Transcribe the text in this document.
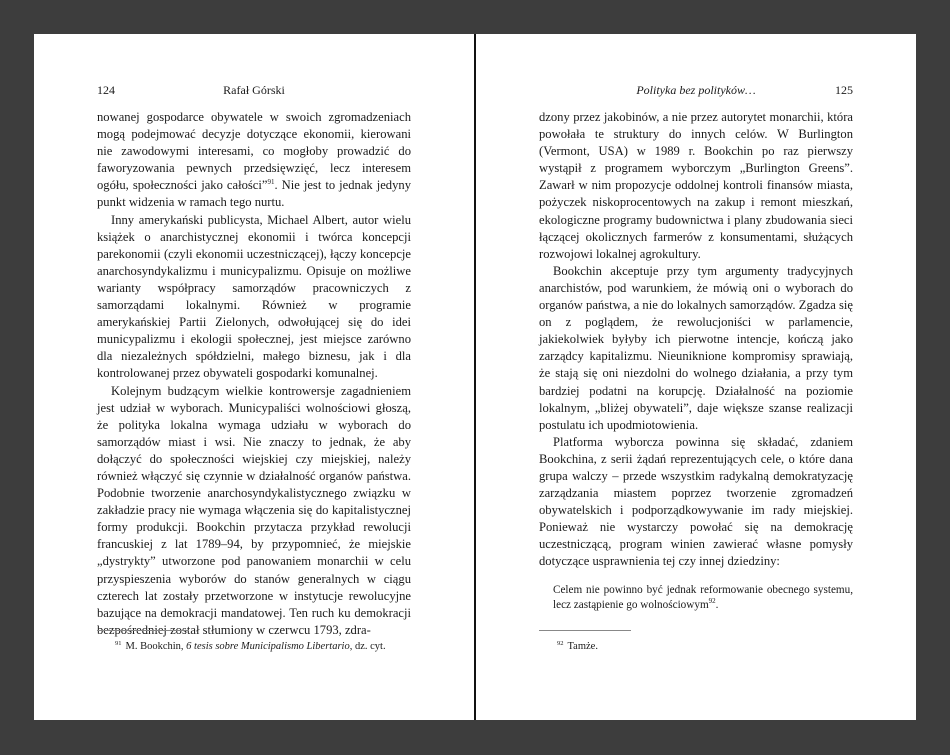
124	Rafał Górski

nowanej gospodarce obywatele w swoich zgromadzeniach mogą podejmować decyzje dotyczące ekonomii, kierowani nie zawodowymi interesami, co mogłoby prowadzić do faworyzowania pewnych przedsięwzięć, lecz interesem ogółu, społeczności jako całości”$^{91}$. Nie jest to jednak jedyny punkt widzenia w ramach tego nurtu.

Inny amerykański publicysta, Michael Albert, autor wielu książek o anarchistycznej ekonomii i twórca koncepcji parekonomii (czyli ekonomii uczestniczącej), łączy koncepcje anarchosyndykalizmu i municypalizmu. Opisuje on możliwe warianty współpracy samorządów pracowniczych z samorządami lokalnymi. Również w programie amerykańskiej Partii Zielonych, odwołującej się do idei municypalizmu i ekologii społecznej, jest miejsce zarówno dla niezależnych spółdzielni, małego biznesu, jak i dla kontrolowanej przez obywateli gospodarki komunalnej.

Kolejnym budzącym wielkie kontrowersje zagadnieniem jest udział w wyborach. Municypaliści wolnościowi głoszą, że polityka lokalna wymaga udziału w wyborach do samorządów miast i wsi. Nie znaczy to jednak, że aby dołączyć do społeczności wiejskiej czy miejskiej, należy również włączyć się czynnie w działalność organów państwa. Podobnie tworzenie anarchosyndykalistycznego związku w zakładzie pracy nie wymaga włączenia się do kapitalistycznej formy produkcji. Bookchin przytacza przykład rewolucji francuskiej z lat 1789–94, by przypomnieć, że miejskie „dystrykty” utworzone pod panowaniem monarchii w celu przyspieszenia wyborów do stanów generalnych w ciągu czterech lat zostały przetworzone w instytucje rewolucyjne bazujące na demokracji mandatowej. Ten ruch ku demokracji bezpośredniej został stłumiony w czerwcu 1793, zdra-

$^{91}$ M. Bookchin, 6 tesis sobre Municipalismo Libertario, dz. cyt.
Polityka bez polityków…	125

dzony przez jakobinów, a nie przez autorytet monarchii, która powołała te struktury do innych celów. W Burlington (Vermont, USA) w 1989 r. Bookchin po raz pierwszy wystąpił z programem wyborczym „Burlington Greens”. Zawarł w nim propozycje oddolnej kontroli finansów miasta, pożyczek niskoprocentowych na zakup i remont mieszkań, ekologiczne programy budownictwa i plany zbudowania sieci łączącej okolicznych farmerów z konsumentami, służących rozwojowi lokalnej agrokultury.

Bookchin akceptuje przy tym argumenty tradycyjnych anarchistów, pod warunkiem, że mówią oni o wyborach do organów państwa, a nie do lokalnych samorządów. Zgadza się on z poglądem, że rewolucjoniści w parlamencie, jakiekolwiek byłyby ich pierwotne intencje, kończą jako zarządcy kapitalizmu. Nieuniknione kompromisy sprawiają, że stają się oni niezdolni do wolnego działania, a przy tym bardziej podatni na korupcję. Działalność na poziomie lokalnym, „bliżej obywateli”, daje większe szanse realizacji postulatu ich upodmiotowienia.

Platforma wyborcza powinna się składać, zdaniem Bookchina, z serii żądań reprezentujących cele, o które dana grupa walczy – przede wszystkim radykalną demokratyzację zarządzania miastem poprzez tworzenie zgromadzeń obywatelskich i podporządkowywanie im rady miejskiej. Ponieważ nie wystarczy powołać się na demokrację uczestniczącą, program winien zawierać własne pomysły dotyczące usprawnienia tej czy innej dziedziny:

Celem nie powinno być jednak reformowanie obecnego systemu, lecz zastąpienie go wolnościowym$^{92}$.

$^{92}$ Tamże.
